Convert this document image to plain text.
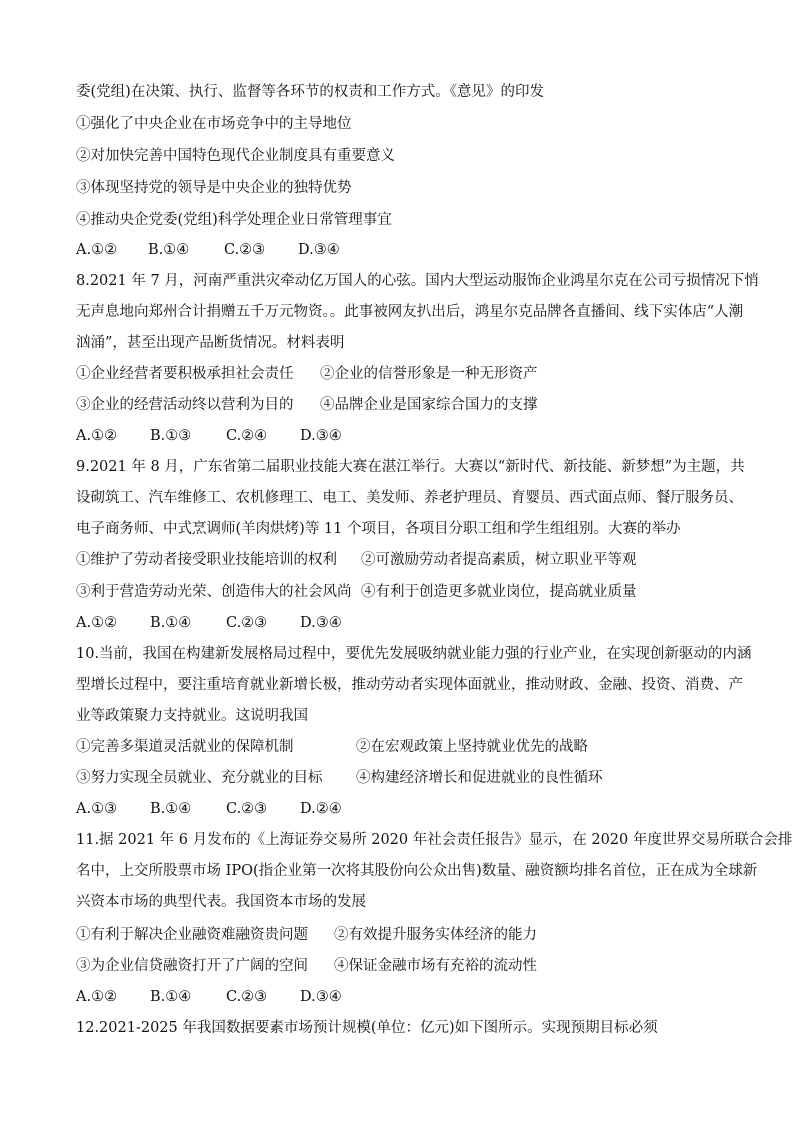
委(党组)在决策、执行、监督等各环节的权责和工作方式。《意见》的印发
①强化了中央企业在市场竞争中的主导地位
②对加快完善中国特色现代企业制度具有重要意义
③体现坚持党的领导是中央企业的独特优势
④推动央企党委(党组)科学处理企业日常管理事宜
A.①② B.①④ C.②③ D.③④
8.2021 年 7 月，河南严重洪灾牵动亿万国人的心弦。国内大型运动服饰企业鸿星尔克在公司亏损情况下悄
无声息地向郑州合计捐赠五千万元物资。。此事被网友扒出后，鸿星尔克品牌各直播间、线下实体店“人潮
汹涌”，甚至出现产品断货情况。材料表明
①企业经营者要积极承担社会责任 ②企业的信誉形象是一种无形资产
③企业的经营活动终以营利为目的 ④品牌企业是国家综合国力的支撑
A.①② B.①③ C.②④ D.③④
9.2021 年 8 月，广东省第二届职业技能大赛在湛江举行。大赛以“新时代、新技能、新梦想”为主题，共
设砌筑工、汽车维修工、农机修理工、电工、美发师、养老护理员、育婴员、西式面点师、餐厅服务员、
电子商务师、中式烹调师(羊肉烘烤)等 11 个项目，各项目分职工组和学生组组别。大赛的举办
①维护了劳动者接受职业技能培训的权利 ②可激励劳动者提高素质，树立职业平等观
③利于营造劳动光荣、创造伟大的社会风尚 ④有利于创造更多就业岗位，提高就业质量
A.①② B.①④ C.②③ D.③④
10.当前，我国在构建新发展格局过程中，要优先发展吸纳就业能力强的行业产业，在实现创新驱动的内涵
型增长过程中，要注重培育就业新增长极，推动劳动者实现体面就业，推动财政、金融、投资、消费、产
业等政策聚力支持就业。这说明我国
①完善多渠道灵活就业的保障机制	②在宏观政策上坚持就业优先的战略
③努力实现全员就业、充分就业的目标 ④构建经济增长和促进就业的良性循环
A.①③ B.①④ C.②③ D.②④
11.据 2021 年 6 月发布的《上海证券交易所 2020 年社会责任报告》显示，在 2020 年度世界交易所联合会排
名中，上交所股票市场 IPO(指企业第一次将其股份向公众出售)数量、融资额均排名首位，正在成为全球新
兴资本市场的典型代表。我国资本市场的发展
①有利于解决企业融资难融资贵问题 ②有效提升服务实体经济的能力
③为企业信贷融资打开了广阔的空间 ④保证金融市场有充裕的流动性
A.①② B.①④ C.②③ D.③④
12.2021-2025 年我国数据要素市场预计规模(单位：亿元)如下图所示。实现预期目标必须
